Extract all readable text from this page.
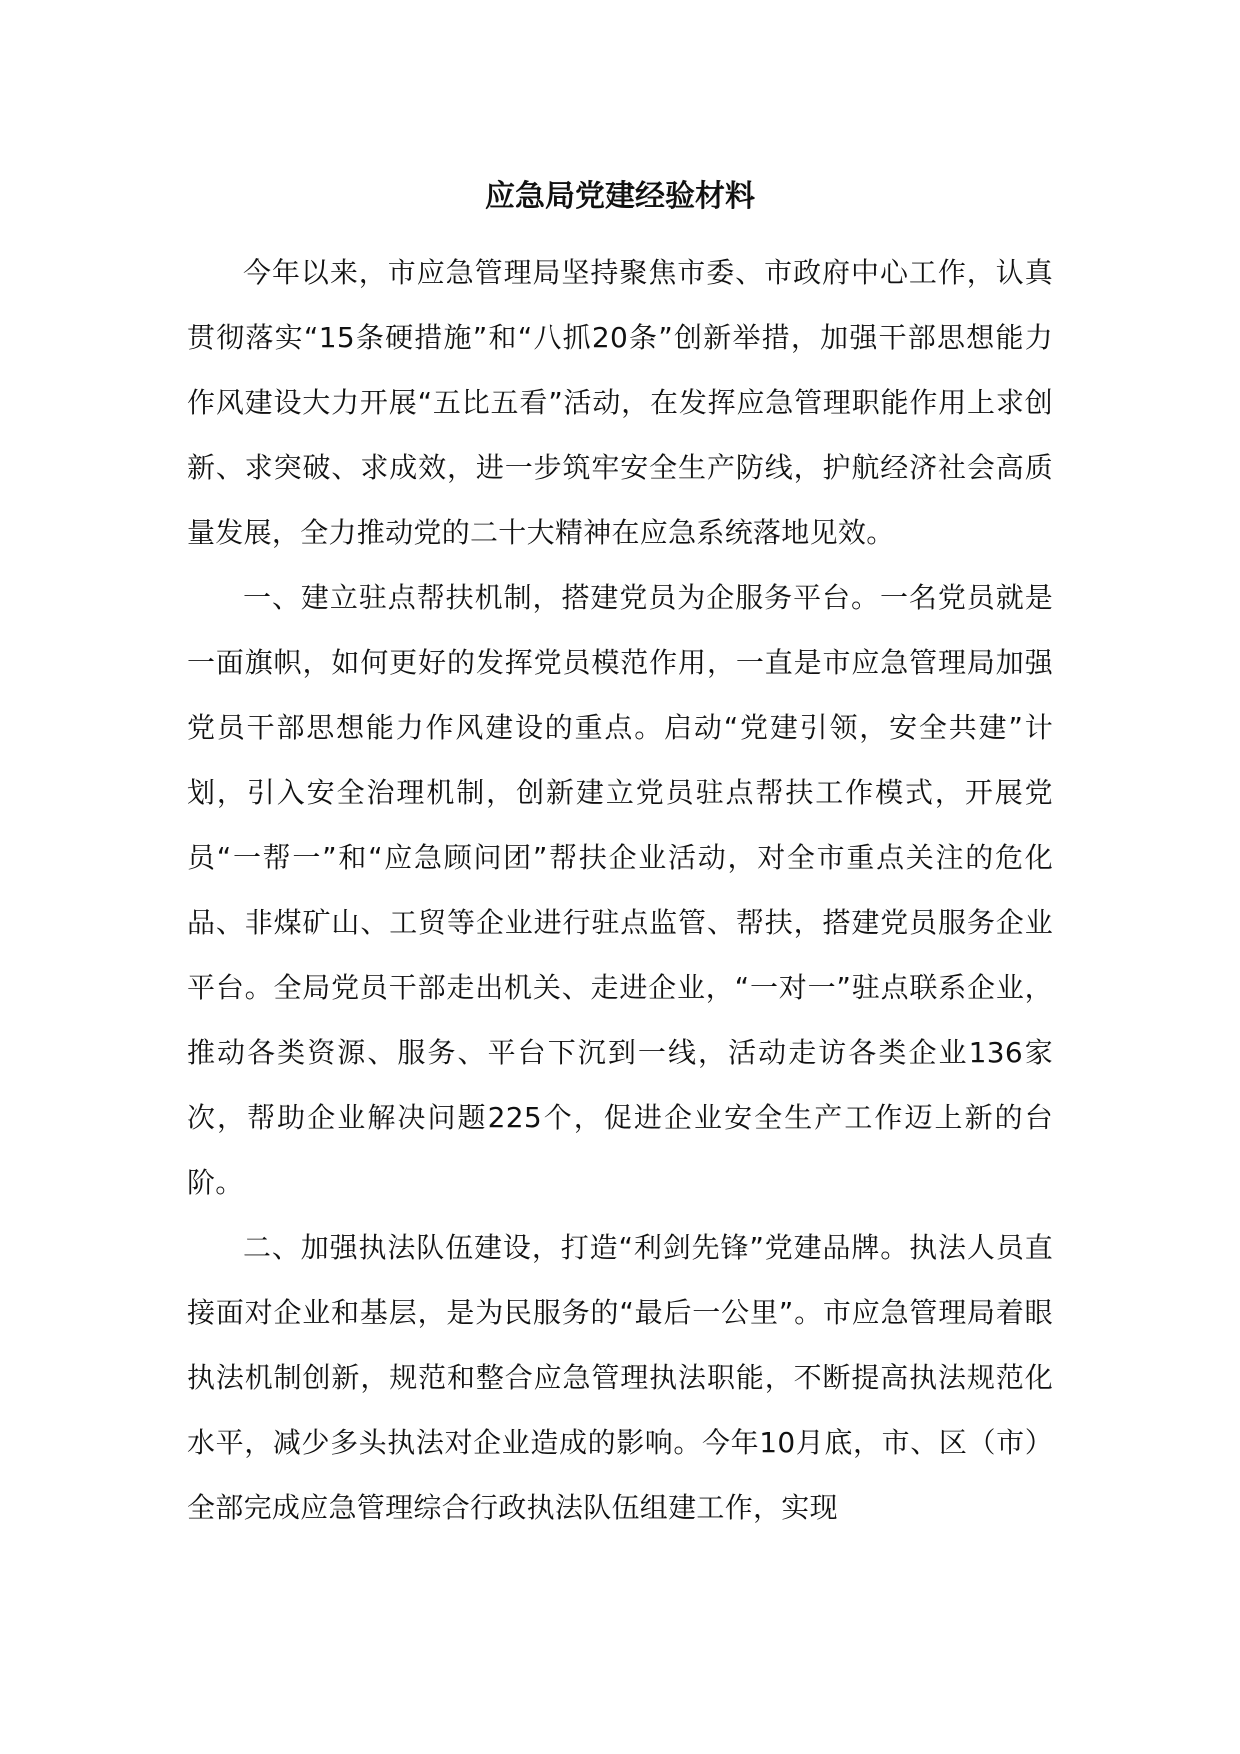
应急局党建经验材料

今年以来，市应急管理局坚持聚焦市委、市政府中心工作，认真贯彻落实“15条硬措施”和“八抓20条”创新举措，加强干部思想能力作风建设大力开展“五比五看”活动，在发挥应急管理职能作用上求创新、求突破、求成效，进一步筑牢安全生产防线，护航经济社会高质量发展，全力推动党的二十大精神在应急系统落地见效。

一、建立驻点帮扶机制，搭建党员为企服务平台。一名党员就是一面旗帜，如何更好的发挥党员模范作用，一直是市应急管理局加强党员干部思想能力作风建设的重点。启动“党建引领，安全共建”计划，引入安全治理机制，创新建立党员驻点帮扶工作模式，开展党员“一帮一”和“应急顾问团”帮扶企业活动，对全市重点关注的危化品、非煤矿山、工贸等企业进行驻点监管、帮扶，搭建党员服务企业平台。全局党员干部走出机关、走进企业，“一对一”驻点联系企业，推动各类资源、服务、平台下沉到一线，活动走访各类企业136家次，帮助企业解决问题225个，促进企业安全生产工作迈上新的台阶。

二、加强执法队伍建设，打造“利剑先锋”党建品牌。执法人员直接面对企业和基层，是为民服务的“最后一公里”。市应急管理局着眼执法机制创新，规范和整合应急管理执法职能，不断提高执法规范化水平，减少多头执法对企业造成的影响。今年10月底，市、区（市）全部完成应急管理综合行政执法队伍组建工作，实现
